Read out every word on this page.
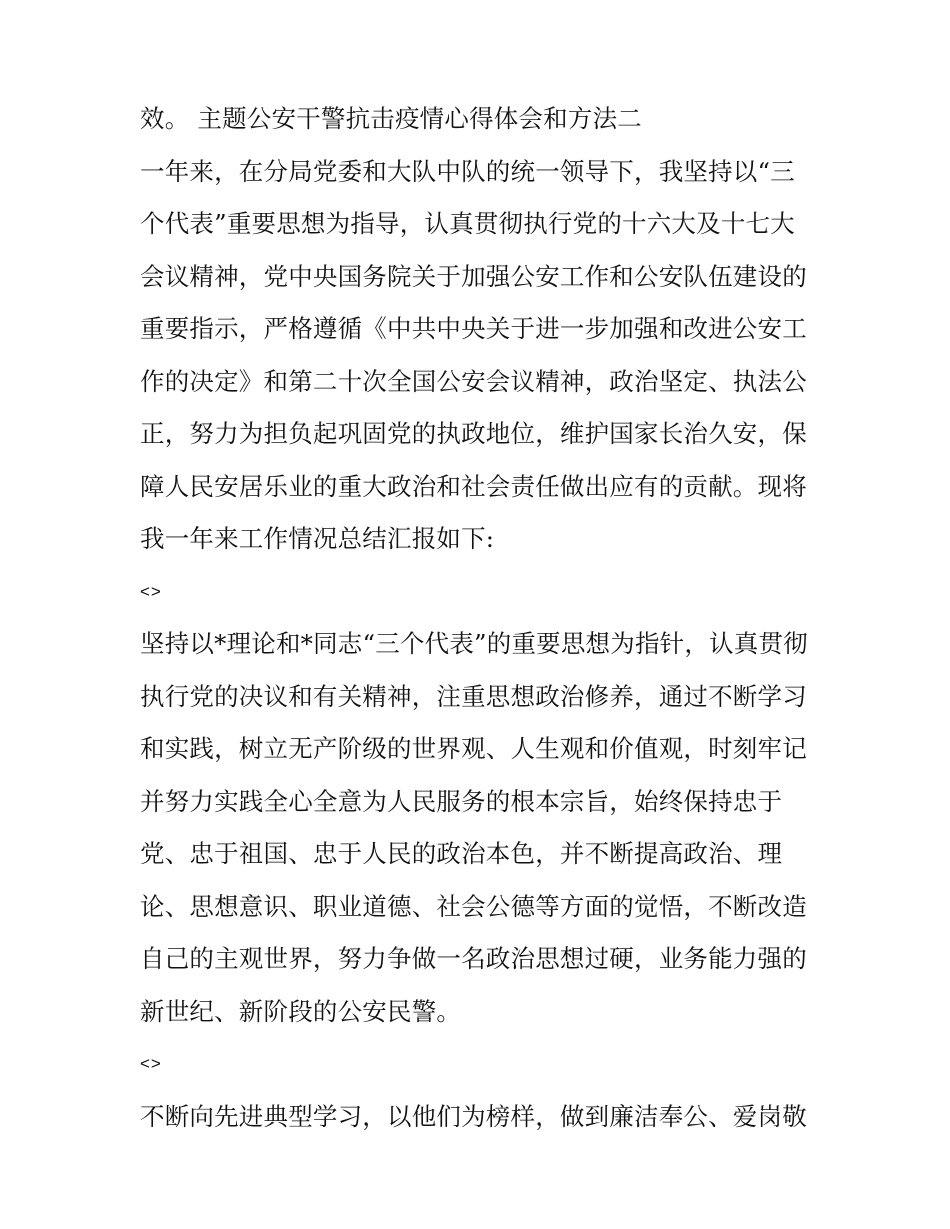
效。 主题公安干警抗击疫情心得体会和方法二
一年来，在分局党委和大队中队的统一领导下，我坚持以“三
个代表”重要思想为指导，认真贯彻执行党的十六大及十七大
会议精神，党中央国务院关于加强公安工作和公安队伍建设的
重要指示，严格遵循《中共中央关于进一步加强和改进公安工
作的决定》和第二十次全国公安会议精神，政治坚定、执法公
正，努力为担负起巩固党的执政地位，维护国家长治久安，保
障人民安居乐业的重大政治和社会责任做出应有的贡献。现将
我一年来工作情况总结汇报如下:
<>
坚持以*理论和*同志“三个代表”的重要思想为指针，认真贯彻
执行党的决议和有关精神，注重思想政治修养，通过不断学习
和实践，树立无产阶级的世界观、人生观和价值观，时刻牢记
并努力实践全心全意为人民服务的根本宗旨，始终保持忠于
党、忠于祖国、忠于人民的政治本色，并不断提高政治、理
论、思想意识、职业道德、社会公德等方面的觉悟，不断改造
自己的主观世界，努力争做一名政治思想过硬，业务能力强的
新世纪、新阶段的公安民警。
<>
不断向先进典型学习，以他们为榜样，做到廉洁奉公、爱岗敬
